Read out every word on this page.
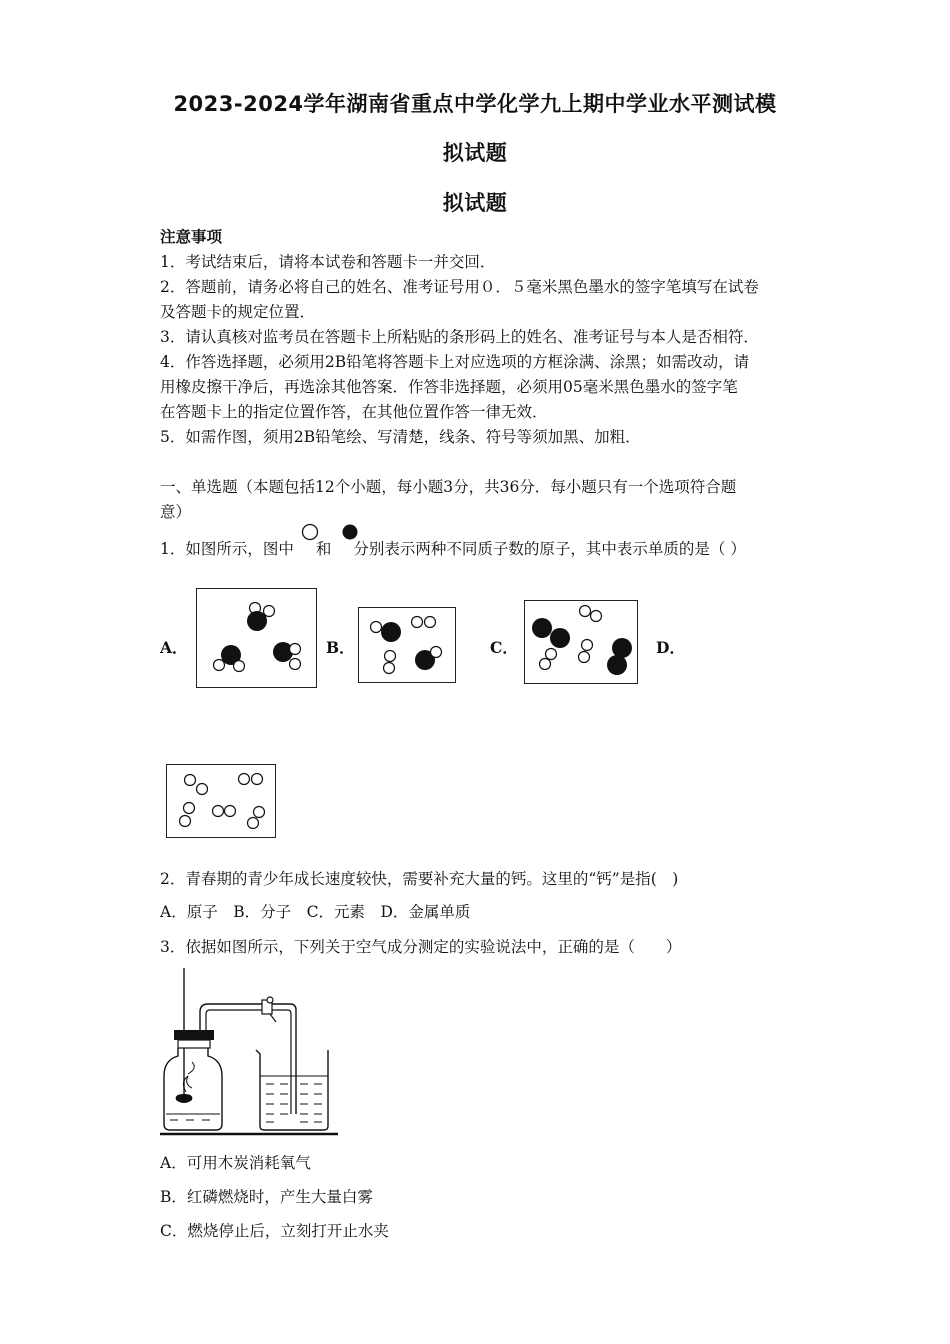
2023-2024学年湖南省重点中学化学九上期中学业水平测试模
拟试题
拟试题
注意事项
1．考试结束后，请将本试卷和答题卡一并交回．
2．答题前，请务必将自己的姓名、准考证号用０．５毫米黑色墨水的签字笔填写在试卷
及答题卡的规定位置．
3．请认真核对监考员在答题卡上所粘贴的条形码上的姓名、准考证号与本人是否相符．
4．作答选择题，必须用2B铅笔将答题卡上对应选项的方框涂满、涂黑；如需改动，请
用橡皮擦干净后，再选涂其他答案．作答非选择题，必须用05毫米黑色墨水的签字笔
在答题卡上的指定位置作答，在其他位置作答一律无效．
5．如需作图，须用2B铅笔绘、写清楚，线条、符号等须加黑、加粗．
一、单选题（本题包括12个小题，每小题3分，共36分．每小题只有一个选项符合题
意）
1．如图所示，图中 和 分别表示两种不同质子数的原子，其中表示单质的是（ ）
A．	B．	C．	D．
2．青春期的青少年成长速度较快，需要补充大量的钙。这里的“钙”是指(　)
A．原子　B．分子　C．元素　D．金属单质
3．依据如图所示，下列关于空气成分测定的实验说法中，正确的是（　　）
A．可用木炭消耗氧气
B．红磷燃烧时，产生大量白雾
C．燃烧停止后，立刻打开止水夹
